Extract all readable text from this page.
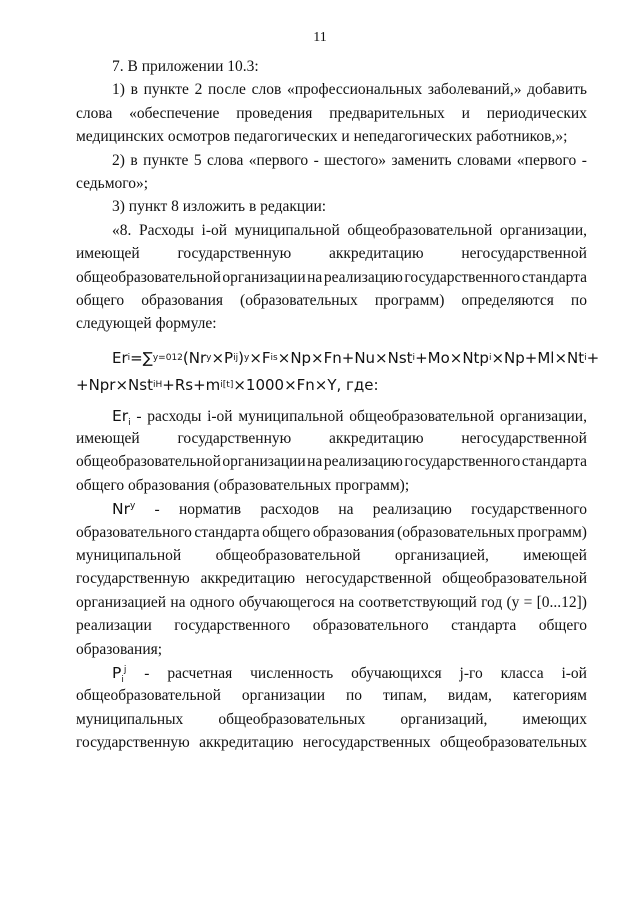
11
7. В приложении 10.3:
1) в пункте 2 после слов «профессиональных заболеваний,» добавить
слова «обеспечение проведения предварительных и периодических
медицинских осмотров педагогических и непедагогических работников,»;
2) в пункте 5 слова «первого - шестого» заменить словами «первого -
седьмого»;
3) пункт 8 изложить в редакции:
«8. Расходы i-ой муниципальной общеобразовательной организации,
имеющей государственную аккредитацию негосударственной
общеобразовательной организации на реализацию государственного стандарта
общего образования (образовательных программ) определяются по
следующей формуле:
Er i =∑ y=0 12 (Nr y ×P i j ) y ×F i s ×Np×Fn+Nu×Nst i +Mo×Ntp i ×Np+Ml×Nt i +
+Npr×Nst i H +Rs+m i [t] ×1000×Fn×Y, где:
$Er_i$ - расходы i-ой муниципальной общеобразовательной организации,
имеющей государственную аккредитацию негосударственной
общеобразовательной организации на реализацию государственного стандарта
общего образования (образовательных программ);
Nr$^y$ - норматив расходов на реализацию государственного
образовательного стандарта общего образования (образовательных программ)
муниципальной общеобразовательной организацией, имеющей
государственную аккредитацию негосударственной общеобразовательной
организацией на одного обучающегося на соответствующий год (y = [0...12])
реализации государственного образовательного стандарта общего
образования;
$P_i^j$ - расчетная численность обучающихся j-го класса i-ой
общеобразовательной организации по типам, видам, категориям
муниципальных общеобразовательных организаций, имеющих
государственную аккредитацию негосударственных общеобразовательных
